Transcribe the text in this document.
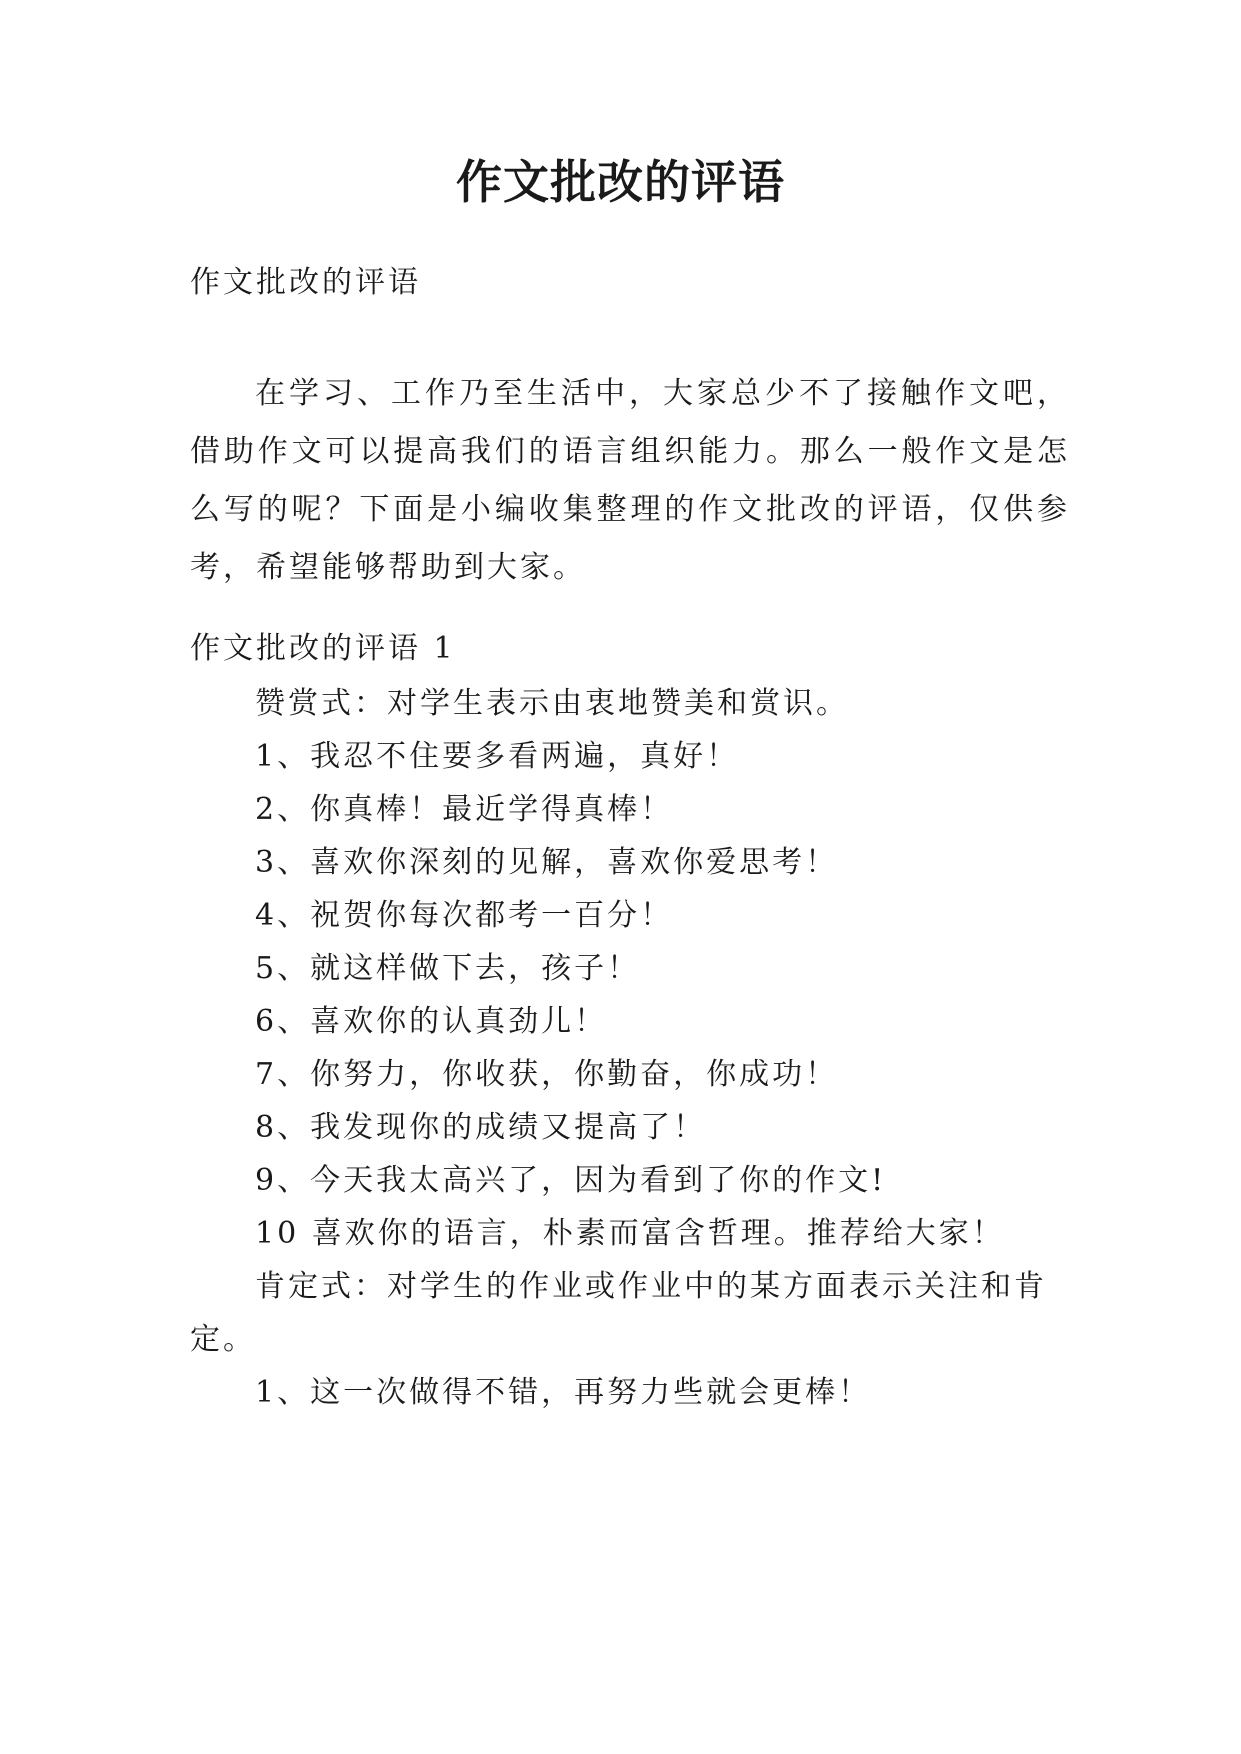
作文批改的评语
作文批改的评语
在学习、工作乃至生活中，大家总少不了接触作文吧，借助作文可以提高我们的语言组织能力。那么一般作文是怎么写的呢？下面是小编收集整理的作文批改的评语，仅供参考，希望能够帮助到大家。
作文批改的评语 1
赞赏式：对学生表示由衷地赞美和赏识。
1、我忍不住要多看两遍，真好！
2、你真棒！最近学得真棒！
3、喜欢你深刻的见解，喜欢你爱思考！
4、祝贺你每次都考一百分！
5、就这样做下去，孩子！
6、喜欢你的认真劲儿！
7、你努力，你收获，你勤奋，你成功！
8、我发现你的成绩又提高了！
9、今天我太高兴了，因为看到了你的作文!
10 喜欢你的语言，朴素而富含哲理。推荐给大家！
肯定式：对学生的作业或作业中的某方面表示关注和肯
定。
1、这一次做得不错，再努力些就会更棒！
